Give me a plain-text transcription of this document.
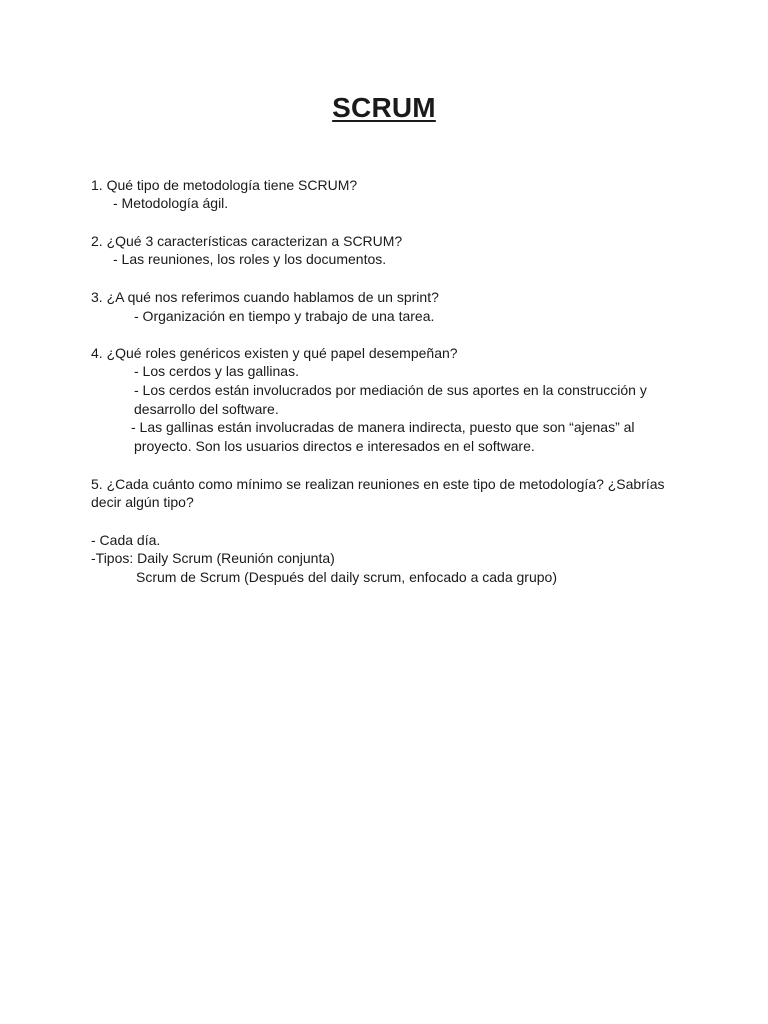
SCRUM
1. Qué tipo de metodología tiene SCRUM?
- Metodología ágil.
2. ¿Qué 3 características caracterizan a SCRUM?
- Las reuniones, los roles y los documentos.
3. ¿A qué nos referimos cuando hablamos de un sprint?
- Organización en tiempo y trabajo de una tarea.
4. ¿Qué roles genéricos existen y qué papel desempeñan?
- Los cerdos y las gallinas.
- Los cerdos están involucrados por mediación de sus aportes en la construcción y
desarrollo del software.
- Las gallinas están involucradas de manera indirecta, puesto que son “ajenas” al
proyecto. Son los usuarios directos e interesados en el software.
5. ¿Cada cuánto como mínimo se realizan reuniones en este tipo de metodología? ¿Sabrías
decir algún tipo?
- Cada día.
-Tipos: Daily Scrum (Reunión conjunta)
Scrum de Scrum (Después del daily scrum, enfocado a cada grupo)
